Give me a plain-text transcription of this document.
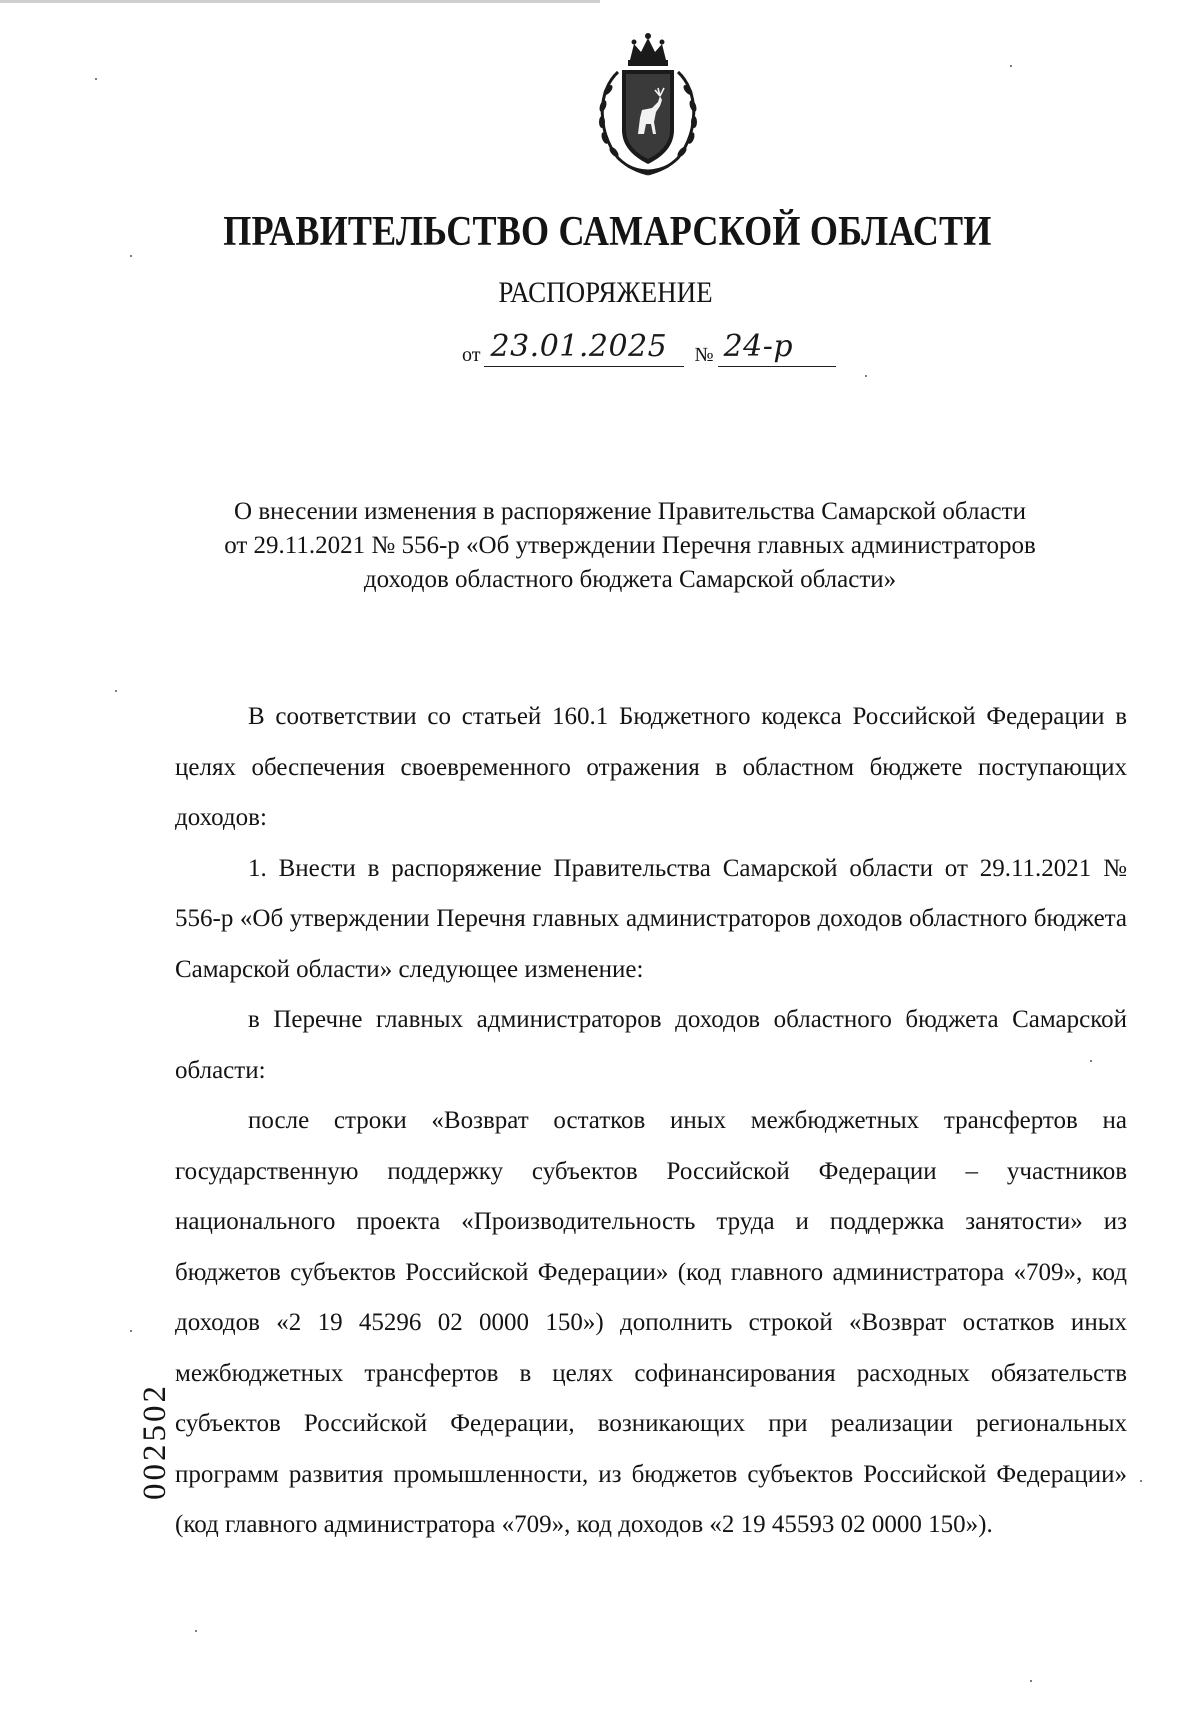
ПРАВИТЕЛЬСТВО САМАРСКОЙ ОБЛАСТИ
РАСПОРЯЖЕНИЕ
от 23.01.2025 № 24-р
О внесении изменения в распоряжение Правительства Самарской области
от 29.11.2021 № 556-р «Об утверждении Перечня главных администраторов
доходов областного бюджета Самарской области»

В соответствии со статьей 160.1 Бюджетного кодекса Российской Федерации в целях обеспечения своевременного отражения в областном бюджете поступающих доходов:

1. Внести в распоряжение Правительства Самарской области от 29.11.2021 № 556-р «Об утверждении Перечня главных администраторов доходов областного бюджета Самарской области» следующее изменение:

в Перечне главных администраторов доходов областного бюджета Самарской области:

после строки «Возврат остатков иных межбюджетных трансфертов на государственную поддержку субъектов Российской Федерации – участников национального проекта «Производительность труда и поддержка занятости» из бюджетов субъектов Российской Федерации» (код главного администратора «709», код доходов «2 19 45296 02 0000 150») дополнить строкой «Возврат остатков иных межбюджетных трансфертов в целях софинансирования расходных обязательств субъектов Российской Федерации, возникающих при реализации региональных программ развития промышленности, из бюджетов субъектов Российской Федерации» (код главного администратора «709», код доходов «2 19 45593 02 0000 150»).

002502
